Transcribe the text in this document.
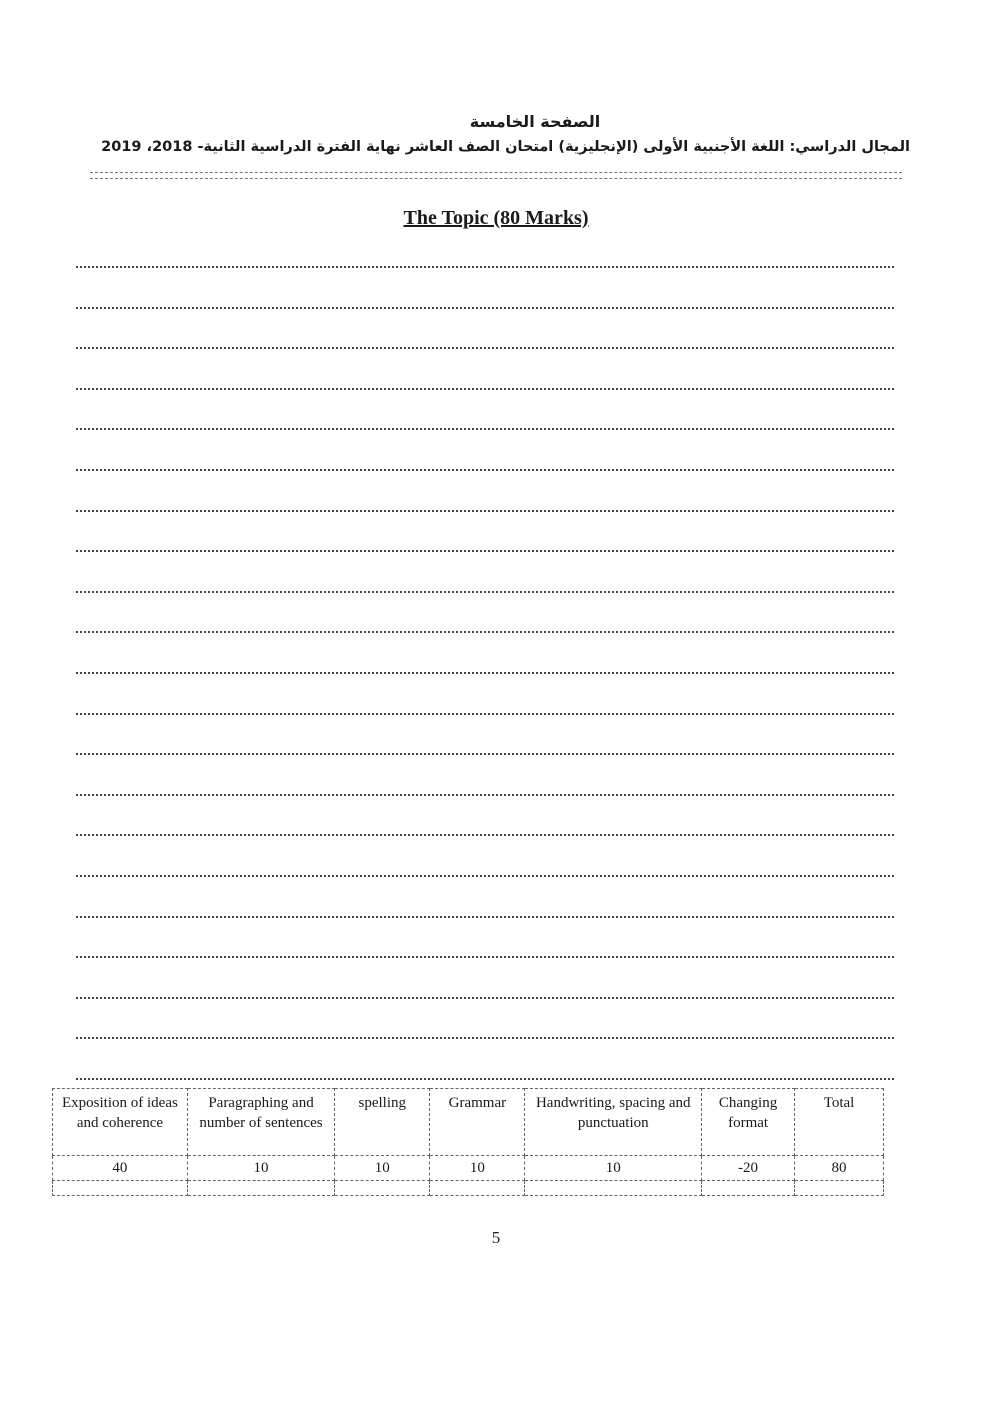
الصفحة الخامسة
المجال الدراسي: اللغة الأجنبية الأولى (الإنجليزية) امتحان الصف العاشر نهاية الفترة الدراسية الثانية- 2018، 2019
The Topic (80 Marks)
Exposition of ideas and coherence	Paragraphing and number of sentences	spelling	Grammar	Handwriting, spacing and punctuation	Changing format	Total
40	10	10	10	10	-20	80

5
